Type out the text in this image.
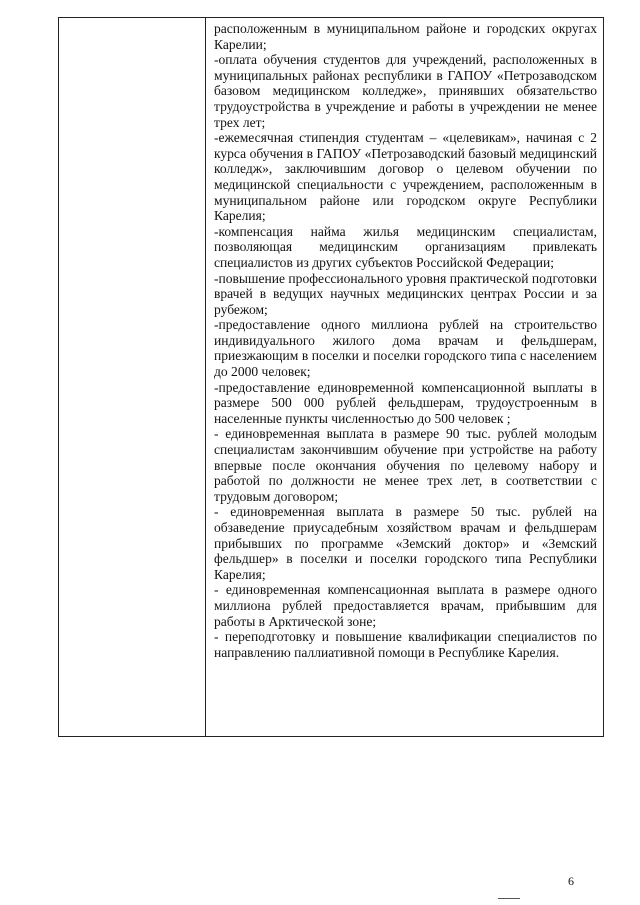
расположенным в муниципальном районе и городских округах Карелии;

-оплата обучения студентов для учреждений, расположенных в муниципальных районах республики в ГАПОУ «Петрозаводском базовом медицинском колледже», принявших обязательство трудоустройства в учреждение и работы в учреждении не менее трех лет;

-ежемесячная стипендия студентам – «целевикам», начиная с 2 курса обучения в ГАПОУ «Петрозаводский базовый медицинский колледж», заключившим договор о целевом обучении по медицинской специальности с учреждением, расположенным в муниципальном районе или городском округе Республики Карелия;

-компенсация найма жилья медицинским специалистам, позволяющая медицинским организациям привлекать специалистов из других субъектов Российской Федерации;

-повышение профессионального уровня практической подготовки врачей в ведущих научных медицинских центрах России и за рубежом;

-предоставление одного миллиона рублей на строительство индивидуального жилого дома врачам и фельдшерам, приезжающим в поселки и поселки городского типа с населением до 2000 человек;

-предоставление единовременной компенсационной выплаты в размере 500 000 рублей фельдшерам, трудоустроенным в населенные пункты численностью до 500 человек ;

- единовременная выплата в размере 90 тыс. рублей молодым специалистам закончившим обучение при устройстве на работу впервые после окончания обучения по целевому набору и работой по должности не менее трех лет, в соответствии с трудовым договором;

- единовременная выплата в размере 50 тыс. рублей на обзаведение приусадебным хозяйством врачам и фельдшерам прибывших по программе «Земский доктор» и «Земский фельдшер» в поселки и поселки городского типа Республики Карелия;

- единовременная компенсационная выплата в размере одного миллиона рублей предоставляется врачам, прибывшим для работы в Арктической зоне;

- переподготовку и повышение квалификации специалистов по направлению паллиативной помощи в Республике Карелия.

6
